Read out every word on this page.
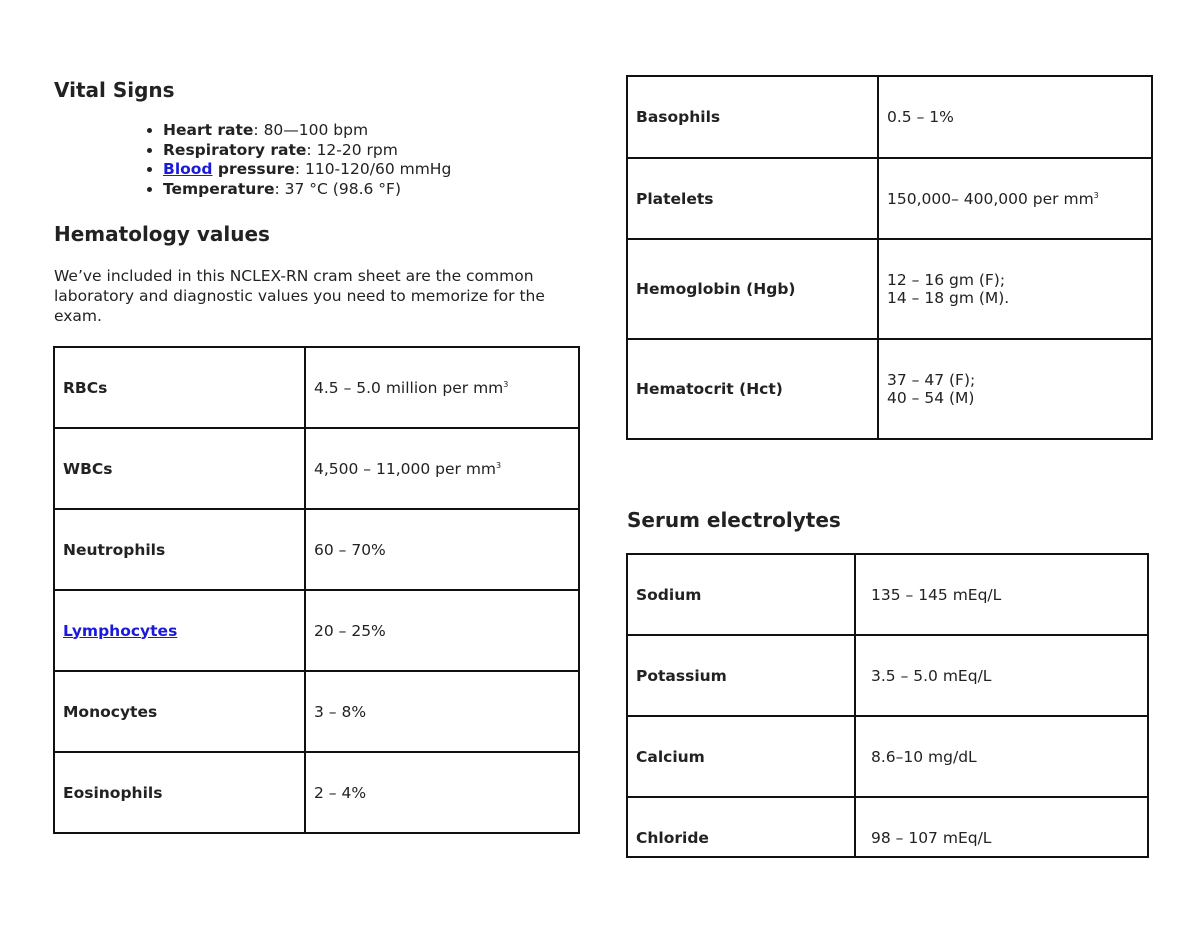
Vital Signs
• Heart rate: 80—100 bpm
• Respiratory rate: 12-20 rpm
• Blood pressure: 110-120/60 mmHg
• Temperature: 37 °C (98.6 °F)
Hematology values

We’ve included in this NCLEX-RN cram sheet are the common laboratory and diagnostic values you need to memorize for the exam.

RBCs	4.5 – 5.0 million per $mm^3$
WBCs	4,500 – 11,000 per $mm^3$
Neutrophils	60 – 70%
Lymphocytes	20 – 25%
Monocytes	3 – 8%
Eosinophils	2 – 4%
Basophils	0.5 – 1%
Platelets	150,000– 400,000 per $mm^3$
Hemoglobin (Hgb)	12 – 16 gm (F);
14 – 18 gm (M).

Hematocrit (Hct)	37 – 47 (F);
40 – 54 (M)
Serum electrolytes
Sodium	135 – 145 mEq/L
Potassium	3.5 – 5.0 mEq/L
Calcium	8.6–10 mg/dL
Chloride	98 – 107 mEq/L
